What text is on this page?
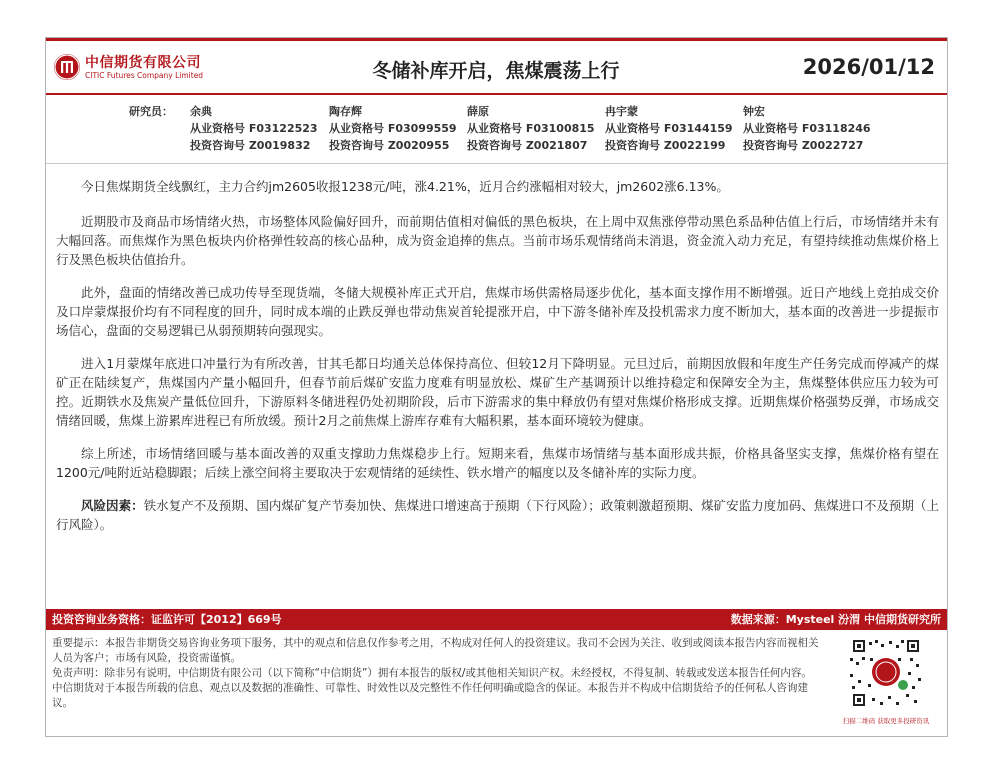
中信期货有限公司
CITIC Futures Company Limited	冬储补库开启，焦煤震荡上行	2026/01/12
研究员： 余典
从业资格号 F03122523
投资咨询号 Z0019832
陶存辉
从业资格号 F03099559
投资咨询号 Z0020955
薛原
从业资格号 F03100815
投资咨询号 Z0021807
冉宇蒙
从业资格号 F03144159
投资咨询号 Z0022199
钟宏
从业资格号 F03118246
投资咨询号 Z0022727

今日焦煤期货全线飘红，主力合约jm2605收报1238元/吨，涨4.21%，近月合约涨幅相对较大，jm2602涨6.13%。

近期股市及商品市场情绪火热，市场整体风险偏好回升，而前期估值相对偏低的黑色板块，在上周中双焦涨停带动黑色系品种估值上行后，市场情绪并未有大幅回落。而焦煤作为黑色板块内价格弹性较高的核心品种，成为资金追捧的焦点。当前市场乐观情绪尚未消退，资金流入动力充足，有望持续推动焦煤价格上行及黑色板块估值抬升。

此外，盘面的情绪改善已成功传导至现货端，冬储大规模补库正式开启，焦煤市场供需格局逐步优化，基本面支撑作用不断增强。近日产地线上竞拍成交价及口岸蒙煤报价均有不同程度的回升，同时成本端的止跌反弹也带动焦炭首轮提涨开启，中下游冬储补库及投机需求力度不断加大，基本面的改善进一步提振市场信心，盘面的交易逻辑已从弱预期转向强现实。

进入1月蒙煤年底进口冲量行为有所改善，甘其毛都日均通关总体保持高位、但较12月下降明显。元旦过后，前期因放假和年度生产任务完成而停减产的煤矿正在陆续复产，焦煤国内产量小幅回升，但春节前后煤矿安监力度难有明显放松、煤矿生产基调预计以维持稳定和保障安全为主，焦煤整体供应压力较为可控。近期铁水及焦炭产量低位回升，下游原料冬储进程仍处初期阶段，后市下游需求的集中释放仍有望对焦煤价格形成支撑。近期焦煤价格强势反弹，市场成交情绪回暖，焦煤上游累库进程已有所放缓。预计2月之前焦煤上游库存难有大幅积累，基本面环境较为健康。

综上所述，市场情绪回暖与基本面改善的双重支撑助力焦煤稳步上行。短期来看，焦煤市场情绪与基本面形成共振，价格具备坚实支撑，焦煤价格有望在1200元/吨附近站稳脚跟；后续上涨空间将主要取决于宏观情绪的延续性、铁水增产的幅度以及冬储补库的实际力度。

风险因素：铁水复产不及预期、国内煤矿复产节奏加快、焦煤进口增速高于预期（下行风险）；政策刺激超预期、煤矿安监力度加码、焦煤进口不及预期（上行风险）。

投资咨询业务资格：证监许可【2012】669号	数据来源：Mysteel 汾渭 中信期货研究所
重要提示：本报告非期货交易咨询业务项下服务，其中的观点和信息仅作参考之用，不构成对任何人的投资建议。我司不会因为关注、收到或阅读本报告内容而视相关人员为客户；市场有风险，投资需谨慎。
免责声明：除非另有说明，中信期货有限公司（以下简称“中信期货”）拥有本报告的版权/或其他相关知识产权。未经授权，不得复制、转载或发送本报告任何内容。中信期货对于本报告所载的信息、观点以及数据的准确性、可靠性、时效性以及完整性不作任何明确或隐含的保证。本报告并不构成中信期货给予的任何私人咨询建议。
扫描二维码 获取更多投研资讯
